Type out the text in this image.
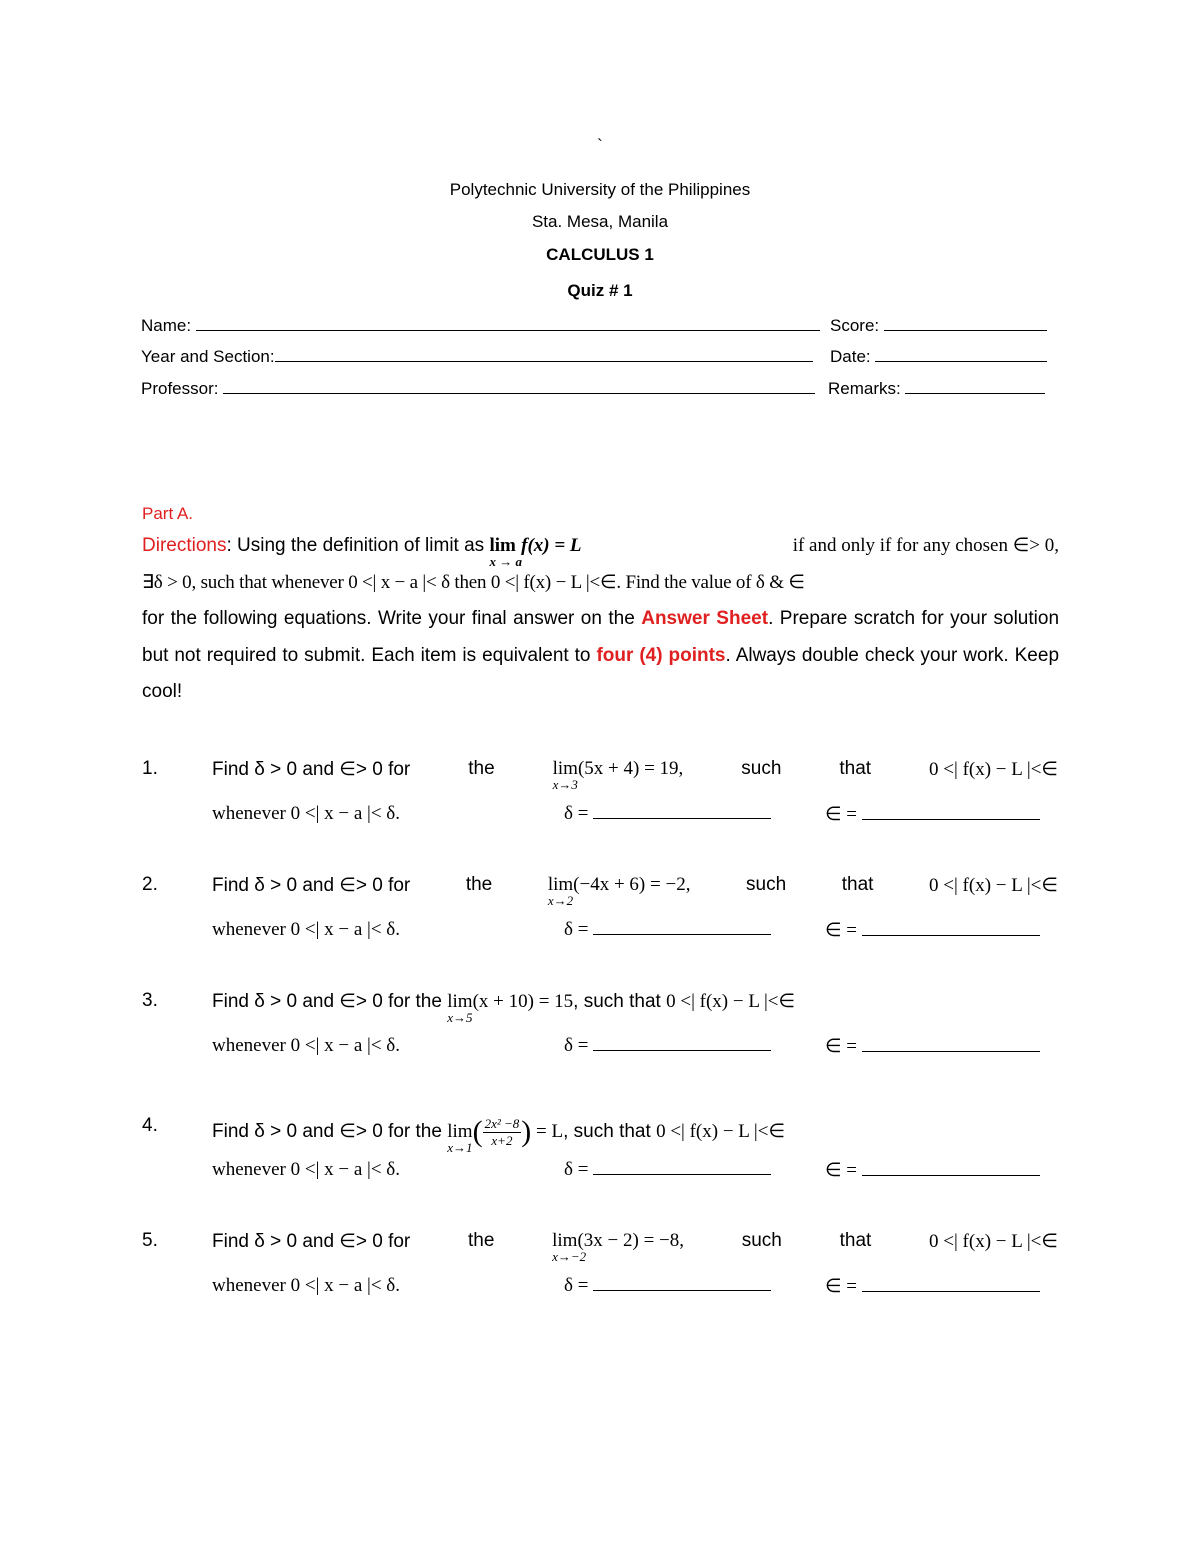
`
Polytechnic University of the Philippines
Sta. Mesa, Manila
CALCULUS 1
Quiz # 1
Name:	Score:
Year and Section:	Date:
Professor:	Remarks:
Part A.
Directions: Using the definition of limit as lim
x → a
f(x) = L	if and only if for any chosen ∈> 0,
∃δ > 0, such that whenever 0 <| x − a |< δ then 0 <| f(x) − L |<∈. Find the value of δ & ∈
for the following equations. Write your final answer on the Answer Sheet. Prepare scratch for your solution but not required to submit. Each item is equivalent to four (4) points. Always double check your work. Keep cool!
1.	Find δ > 0 and ∈> 0 for	the	lim
x→3
(5x + 4) = 19,	such	that	0 <| f(x) − L |<∈
whenever 0 <| x − a |< δ.	δ =	∈ =
2.	Find δ > 0 and ∈> 0 for	the	lim
x→2
(−4x + 6) = −2,	such	that	0 <| f(x) − L |<∈
whenever 0 <| x − a |< δ.	δ =	∈ =
3.	Find δ > 0 and ∈> 0 for the lim
x→5
(x + 10) = 15, such that 0 <| f(x) − L |<∈
whenever 0 <| x − a |< δ.	δ =	∈ =
4.	Find δ > 0 and ∈> 0 for the lim
x→1 ( $\frac{\text{2x² −8}}{x+2}$ ) = L, such that 0 <| f(x) − L |<∈
whenever 0 <| x − a |< δ.	δ =	∈ =
5.	Find δ > 0 and ∈> 0 for	the	lim
x→−2
(3x − 2) = −8,	such	that	0 <| f(x) − L |<∈
whenever 0 <| x − a |< δ.	δ =	∈ =
